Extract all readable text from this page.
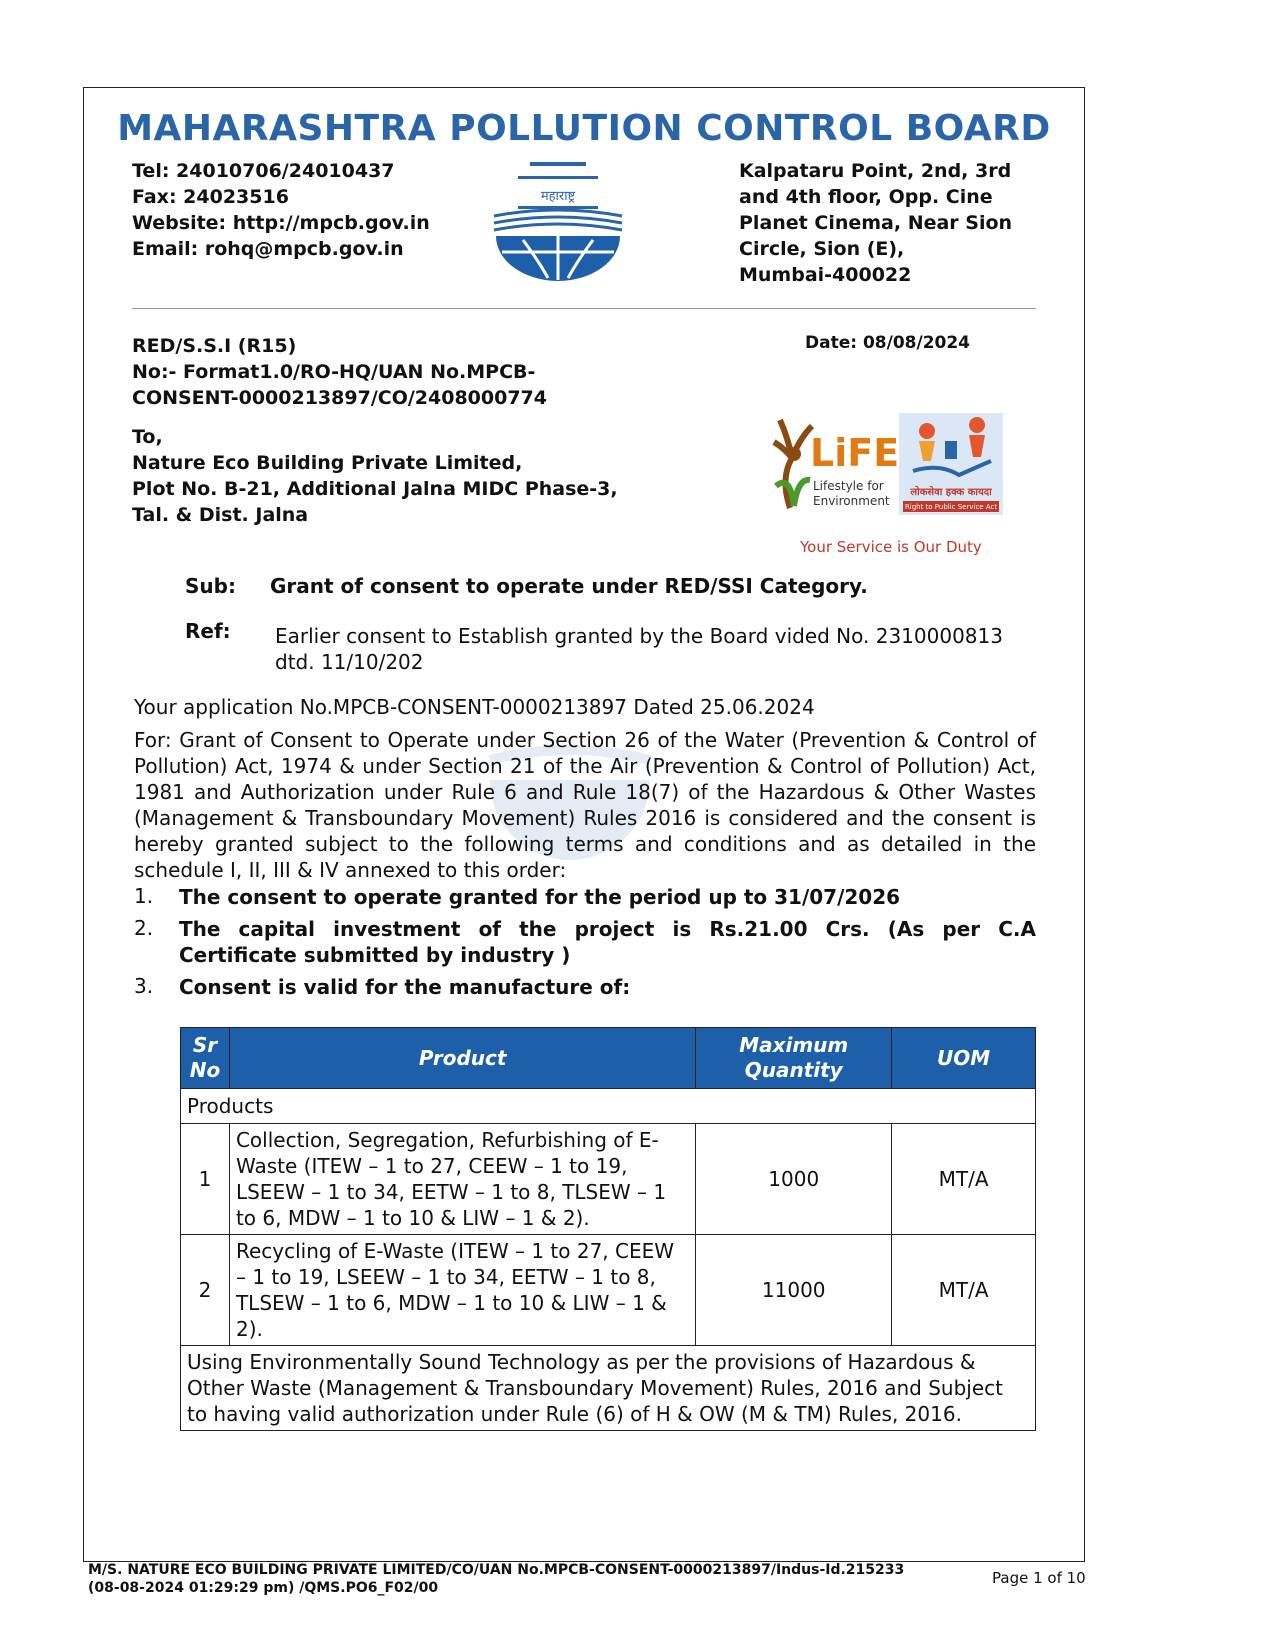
MAHARASHTRA POLLUTION CONTROL BOARD
Tel: 24010706/24010437
Fax: 24023516
Website: http://mpcb.gov.in
Email: rohq@mpcb.gov.in
महाराष्ट्र
Kalpataru Point, 2nd, 3rd
and 4th floor, Opp. Cine
Planet Cinema, Near Sion
Circle, Sion (E),
Mumbai-400022
RED/S.S.I (R15)
No:- Format1.0/RO-HQ/UAN No.MPCB-
CONSENT-0000213897/CO/2408000774
Date: 08/08/2024
To,
Nature Eco Building Private Limited,
Plot No. B-21, Additional Jalna MIDC Phase-3,
Tal. & Dist. Jalna
LiFE
Lifestyle for
Environment
लोकसेवा हक्क कायदा
Right to Public Service Act
Your Service is Our Duty
Sub: Grant of consent to operate under RED/SSI Category.
Ref: Earlier consent to Establish granted by the Board vided No. 2310000813 dtd. 11/10/202
Your application No.MPCB-CONSENT-0000213897 Dated 25.06.2024
For: Grant of Consent to Operate under Section 26 of the Water (Prevention & Control of Pollution) Act, 1974 & under Section 21 of the Air (Prevention & Control of Pollution) Act, 1981 and Authorization under Rule 6 and Rule 18(7) of the Hazardous & Other Wastes (Management & Transboundary Movement) Rules 2016 is considered and the consent is hereby granted subject to the following terms and conditions and as detailed in the schedule I, II, III & IV annexed to this order:
1. The consent to operate granted for the period up to 31/07/2026
2. The capital investment of the project is Rs.21.00 Crs. (As per C.A Certificate submitted by industry )
3. Consent is valid for the manufacture of:
Sr No	Product	Maximum Quantity	UOM
Products			
1	Collection, Segregation, Refurbishing of E-Waste (ITEW – 1 to 27, CEEW – 1 to 19, LSEEW – 1 to 34, EETW – 1 to 8, TLSEW – 1 to 6, MDW – 1 to 10 & LIW – 1 & 2).	1000	MT/A
2	Recycling of E-Waste (ITEW – 1 to 27, CEEW – 1 to 19, LSEEW – 1 to 34, EETW – 1 to 8, TLSEW – 1 to 6, MDW – 1 to 10 & LIW – 1 & 2).	11000	MT/A
Using Environmentally Sound Technology as per the provisions of Hazardous & Other Waste (Management & Transboundary Movement) Rules, 2016 and Subject to having valid authorization under Rule (6) of H & OW (M & TM) Rules, 2016.			
M/S. NATURE ECO BUILDING PRIVATE LIMITED/CO/UAN No.MPCB-CONSENT-0000213897/Indus-Id.215233
(08-08-2024 01:29:29 pm) /QMS.PO6_F02/00
Page 1 of 10
